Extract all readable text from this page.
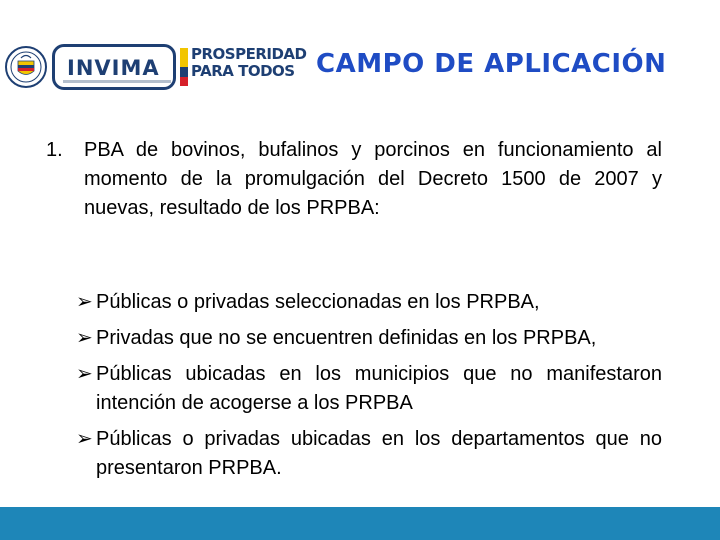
INVIMA
PROSPERIDAD
PARA TODOS CAMPO DE APLICACIÓN
1. PBA de bovinos, bufalinos y porcinos en funcionamiento al momento de la promulgación del Decreto 1500 de 2007 y nuevas, resultado de los PRPBA:
➢ Públicas o privadas seleccionadas en los PRPBA,
➢ Privadas que no se encuentren definidas en los PRPBA,
➢ Públicas ubicadas en los municipios que no manifestaron intención de acogerse a los PRPBA
➢ Públicas o privadas ubicadas en los departamentos que no presentaron PRPBA.
